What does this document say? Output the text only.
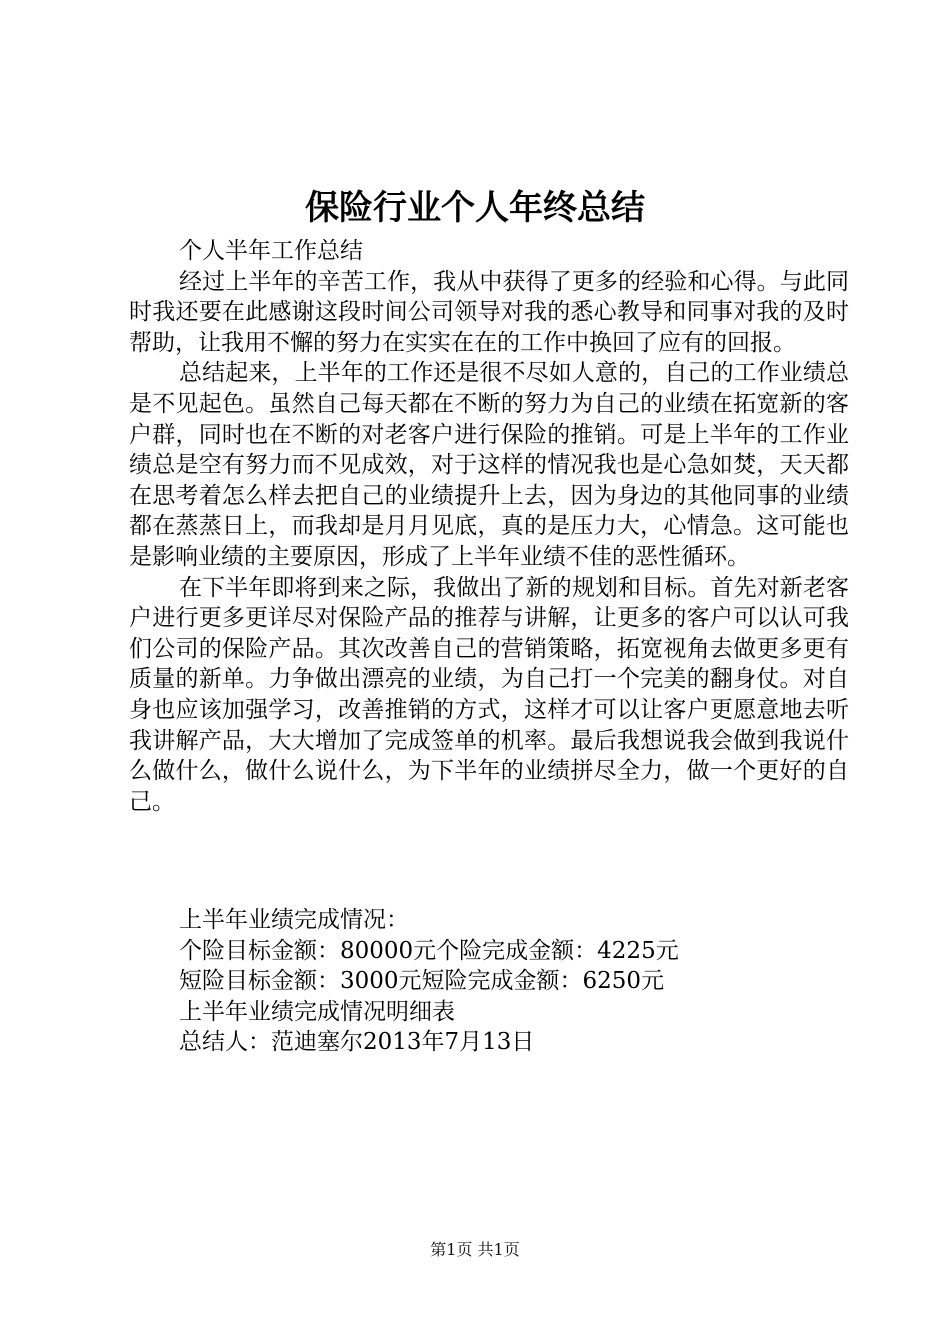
保险行业个人年终总结

个人半年工作总结

经过上半年的辛苦工作，我从中获得了更多的经验和心得。与此同时我还要在此感谢这段时间公司领导对我的悉心教导和同事对我的及时帮助，让我用不懈的努力在实实在在的工作中换回了应有的回报。

总结起来，上半年的工作还是很不尽如人意的，自己的工作业绩总是不见起色。虽然自己每天都在不断的努力为自己的业绩在拓宽新的客户群，同时也在不断的对老客户进行保险的推销。可是上半年的工作业绩总是空有努力而不见成效，对于这样的情况我也是心急如焚，天天都在思考着怎么样去把自己的业绩提升上去，因为身边的其他同事的业绩都在蒸蒸日上，而我却是月月见底，真的是压力大，心情急。这可能也是影响业绩的主要原因，形成了上半年业绩不佳的恶性循环。

在下半年即将到来之际，我做出了新的规划和目标。首先对新老客户进行更多更详尽对保险产品的推荐与讲解，让更多的客户可以认可我们公司的保险产品。其次改善自己的营销策略，拓宽视角去做更多更有质量的新单。力争做出漂亮的业绩，为自己打一个完美的翻身仗。对自身也应该加强学习，改善推销的方式，这样才可以让客户更愿意地去听我讲解产品，大大增加了完成签单的机率。最后我想说我会做到我说什么做什么，做什么说什么，为下半年的业绩拼尽全力，做一个更好的自己。

上半年业绩完成情况：
个险目标金额：80000元个险完成金额：4225元
短险目标金额：3000元短险完成金额：6250元
上半年业绩完成情况明细表
总结人：范迪塞尔2013年7月13日
第1页 共1页
